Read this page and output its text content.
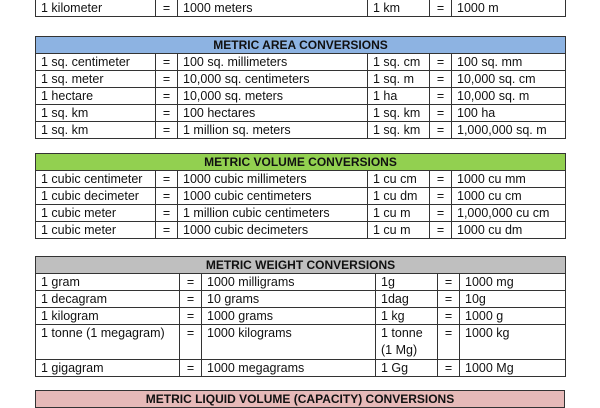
1 kilometer	=	1000 meters	1 km	=	1000 m
METRIC AREA CONVERSIONS					
1 sq. centimeter	=	100 sq. millimeters	1 sq. cm	=	100 sq. mm
1 sq. meter	=	10,000 sq. centimeters	1 sq. m	=	10,000 sq. cm
1 hectare	=	10,000 sq. meters	1 ha	=	10,000 sq. m
1 sq. km	=	100 hectares	1 sq. km	=	100 ha
1 sq. km	=	1 million sq. meters	1 sq. km	=	1,000,000 sq. m
METRIC VOLUME CONVERSIONS					
1 cubic centimeter	=	1000 cubic millimeters	1 cu cm	=	1000 cu mm
1 cubic decimeter	=	1000 cubic centimeters	1 cu dm	=	1000 cu cm
1 cubic meter	=	1 million cubic centimeters	1 cu m	=	1,000,000 cu cm
1 cubic meter	=	1000 cubic decimeters	1 cu m	=	1000 cu dm
METRIC WEIGHT CONVERSIONS					
1 gram	=	1000 milligrams	1g	=	1000 mg
1 decagram	=	10 grams	1dag	=	10g
1 kilogram	=	1000 grams	1 kg	=	1000 g
1 tonne (1 megagram)	=	1000 kilograms	1 tonne (1 Mg)	=	1000 kg
1 gigagram	=	1000 megagrams	1 Gg	=	1000 Mg
METRIC LIQUID VOLUME (CAPACITY) CONVERSIONS
